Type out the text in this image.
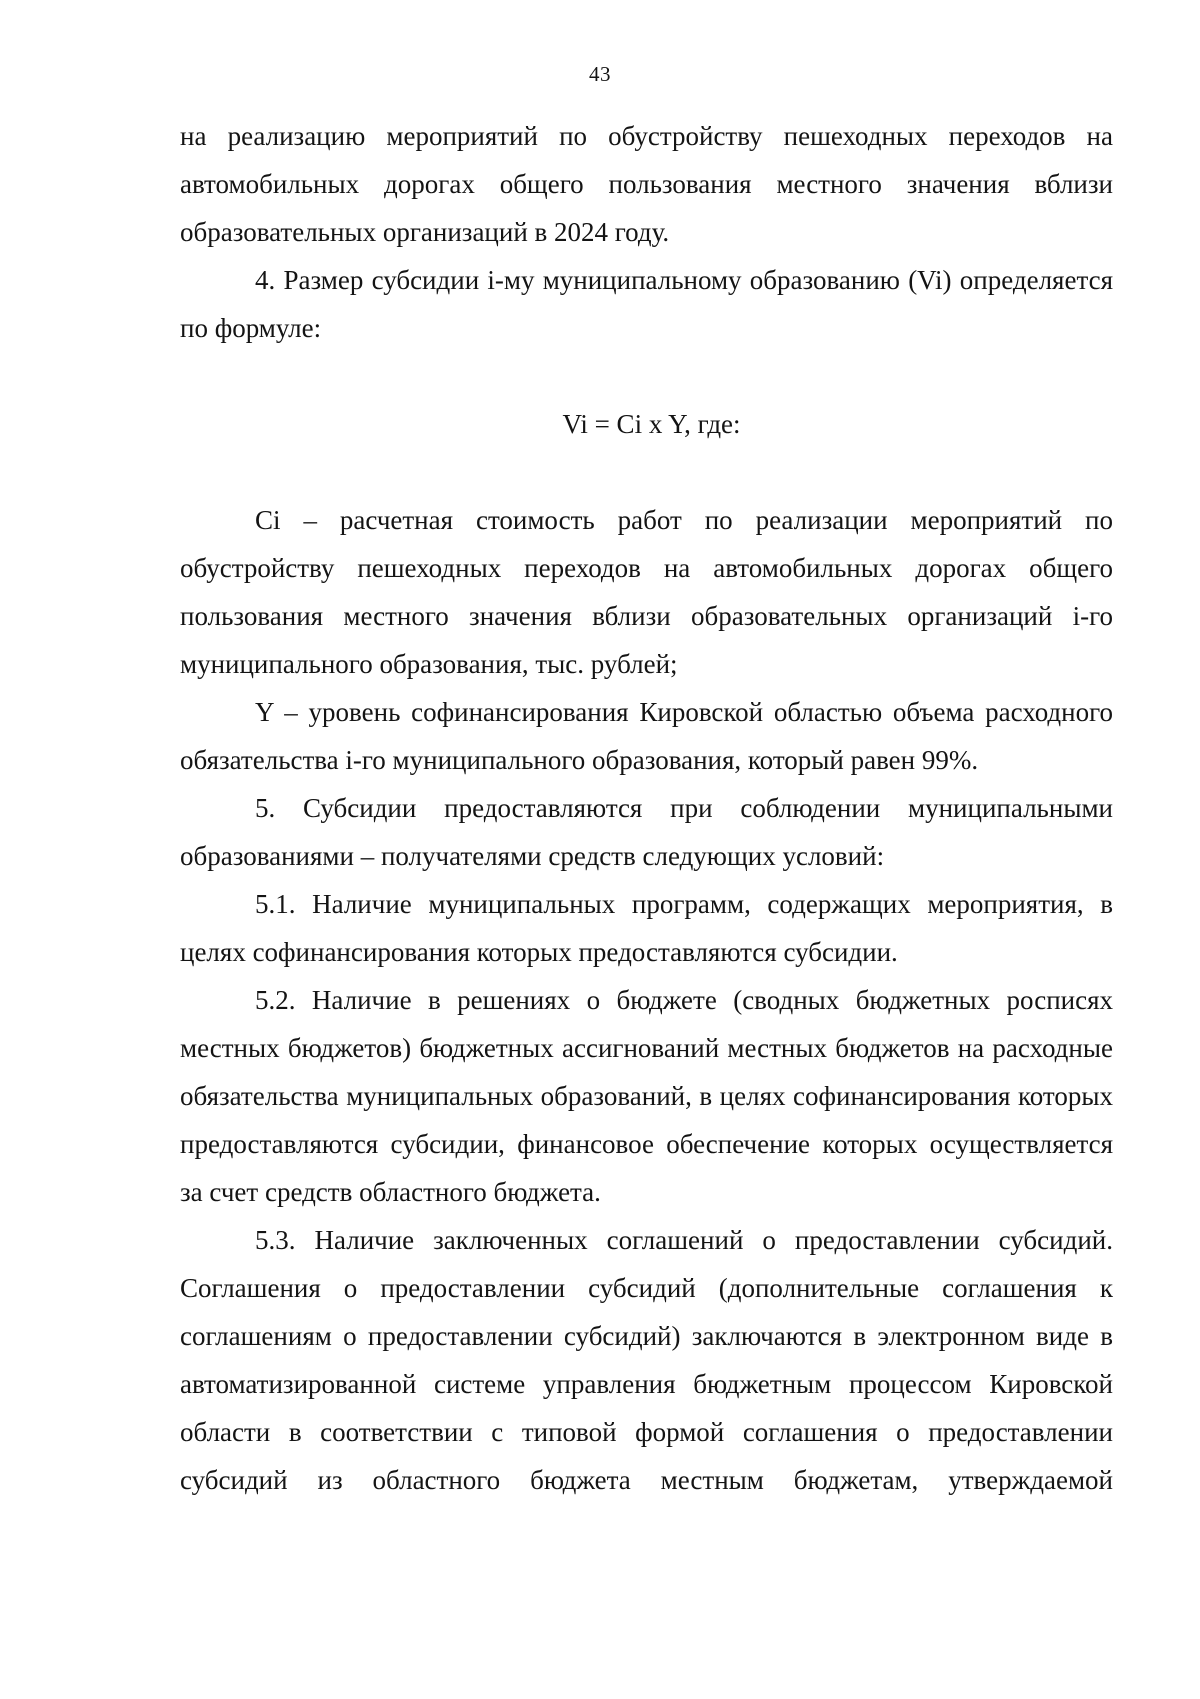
43

на реализацию мероприятий по обустройству пешеходных переходов на автомобильных дорогах общего пользования местного значения вблизи образовательных организаций в 2024 году.

4. Размер субсидии i-му муниципальному образованию (Vi) определяется по формуле:

Vi = Ci x Y, где:

Ci – расчетная стоимость работ по реализации мероприятий по обустройству пешеходных переходов на автомобильных дорогах общего пользования местного значения вблизи образовательных организаций i-го муниципального образования, тыс. рублей;

Y – уровень софинансирования Кировской областью объема расходного обязательства i-го муниципального образования, который равен 99%.

5. Субсидии предоставляются при соблюдении муниципальными образованиями – получателями средств следующих условий:

5.1. Наличие муниципальных программ, содержащих мероприятия, в целях софинансирования которых предоставляются субсидии.

5.2. Наличие в решениях о бюджете (сводных бюджетных росписях местных бюджетов) бюджетных ассигнований местных бюджетов на расходные обязательства муниципальных образований, в целях софинансирования которых предоставляются субсидии, финансовое обеспечение которых осуществляется за счет средств областного бюджета.

5.3. Наличие заключенных соглашений о предоставлении субсидий. Соглашения о предоставлении субсидий (дополнительные соглашения к соглашениям о предоставлении субсидий) заключаются в электронном виде в автоматизированной системе управления бюджетным процессом Кировской области в соответствии с типовой формой соглашения о предоставлении субсидий из областного бюджета местным бюджетам, утверждаемой
